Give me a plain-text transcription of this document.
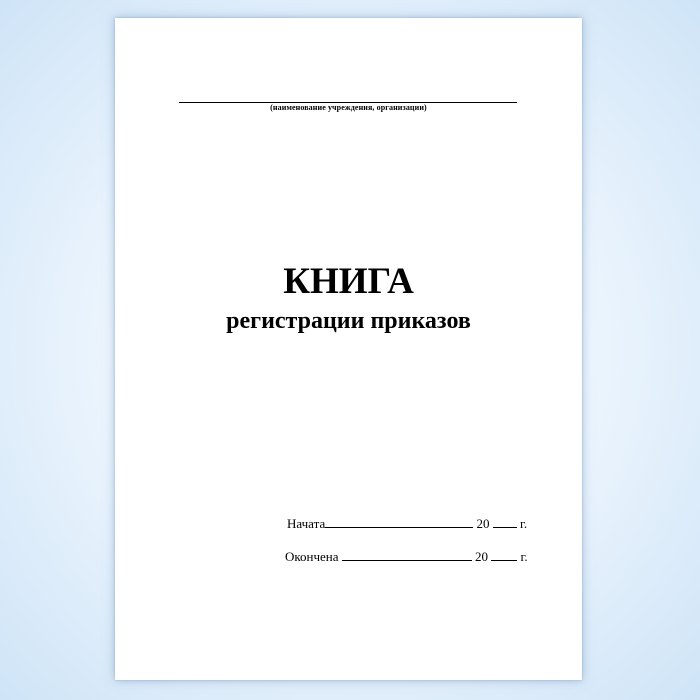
(наименование учреждения, организации)
КНИГА
регистрации приказов
Начата	20 г.
Окончена	20	г.
